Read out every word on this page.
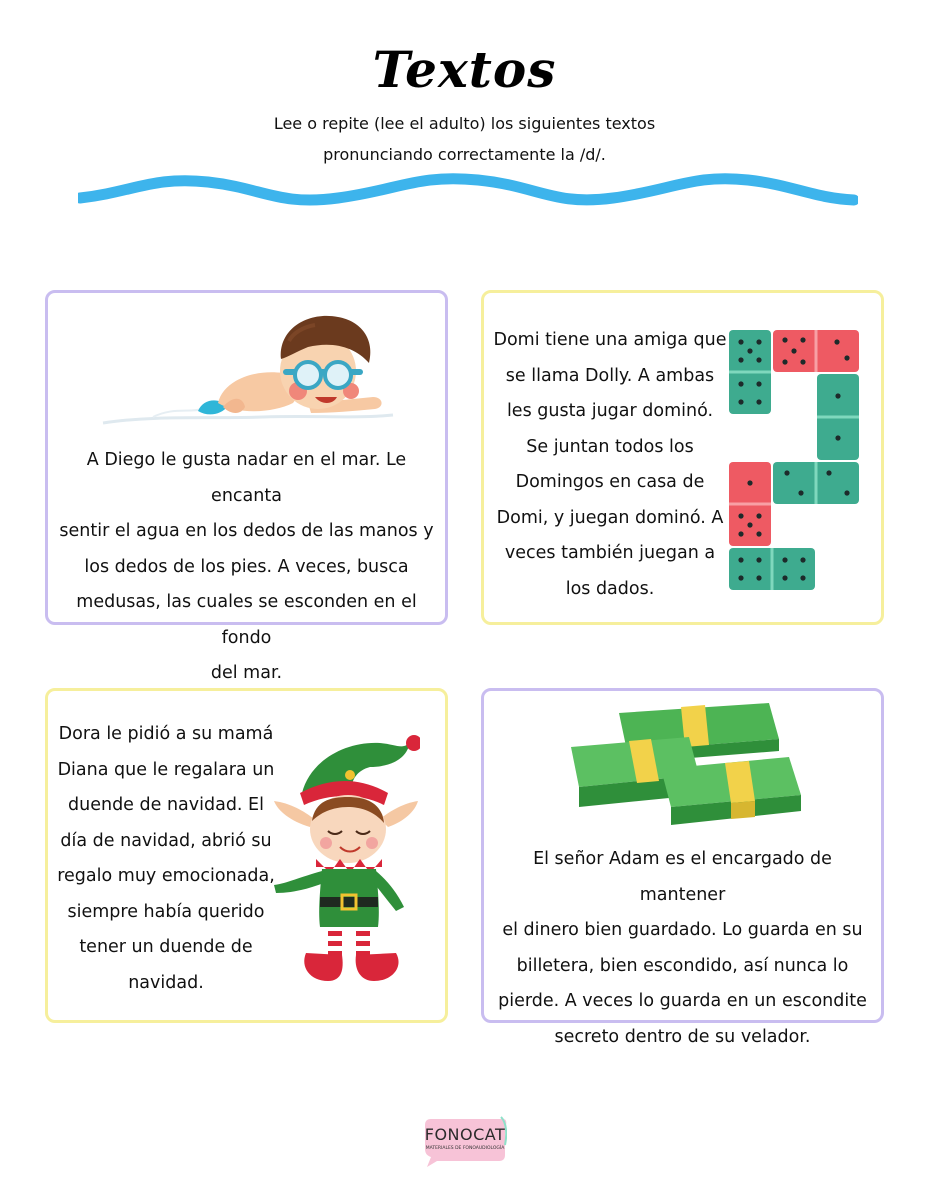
Textos
Lee o repite (lee el adulto) los siguientes textos
pronunciando correctamente la /d/.
A Diego le gusta nadar en el mar. Le encanta
sentir el agua en los dedos de las manos y
los dedos de los pies. A veces, busca
medusas, las cuales se esconden en el fondo
del mar.
Domi tiene una amiga que
se llama Dolly. A ambas
les gusta jugar dominó.
Se juntan todos los
Domingos en casa de
Domi, y juegan dominó. A
veces también juegan a
los dados.
Dora le pidió a su mamá
Diana que le regalara un
duende de navidad. El
día de navidad, abrió su
regalo muy emocionada,
siempre había querido
tener un duende de
navidad.
El señor Adam es el encargado de mantener
el dinero bien guardado. Lo guarda en su
billetera, bien escondido, así nunca lo
pierde. A veces lo guarda en un escondite
secreto dentro de su velador.
FONOCAT
MATERIALES DE FONOAUDIOLOGÍA
